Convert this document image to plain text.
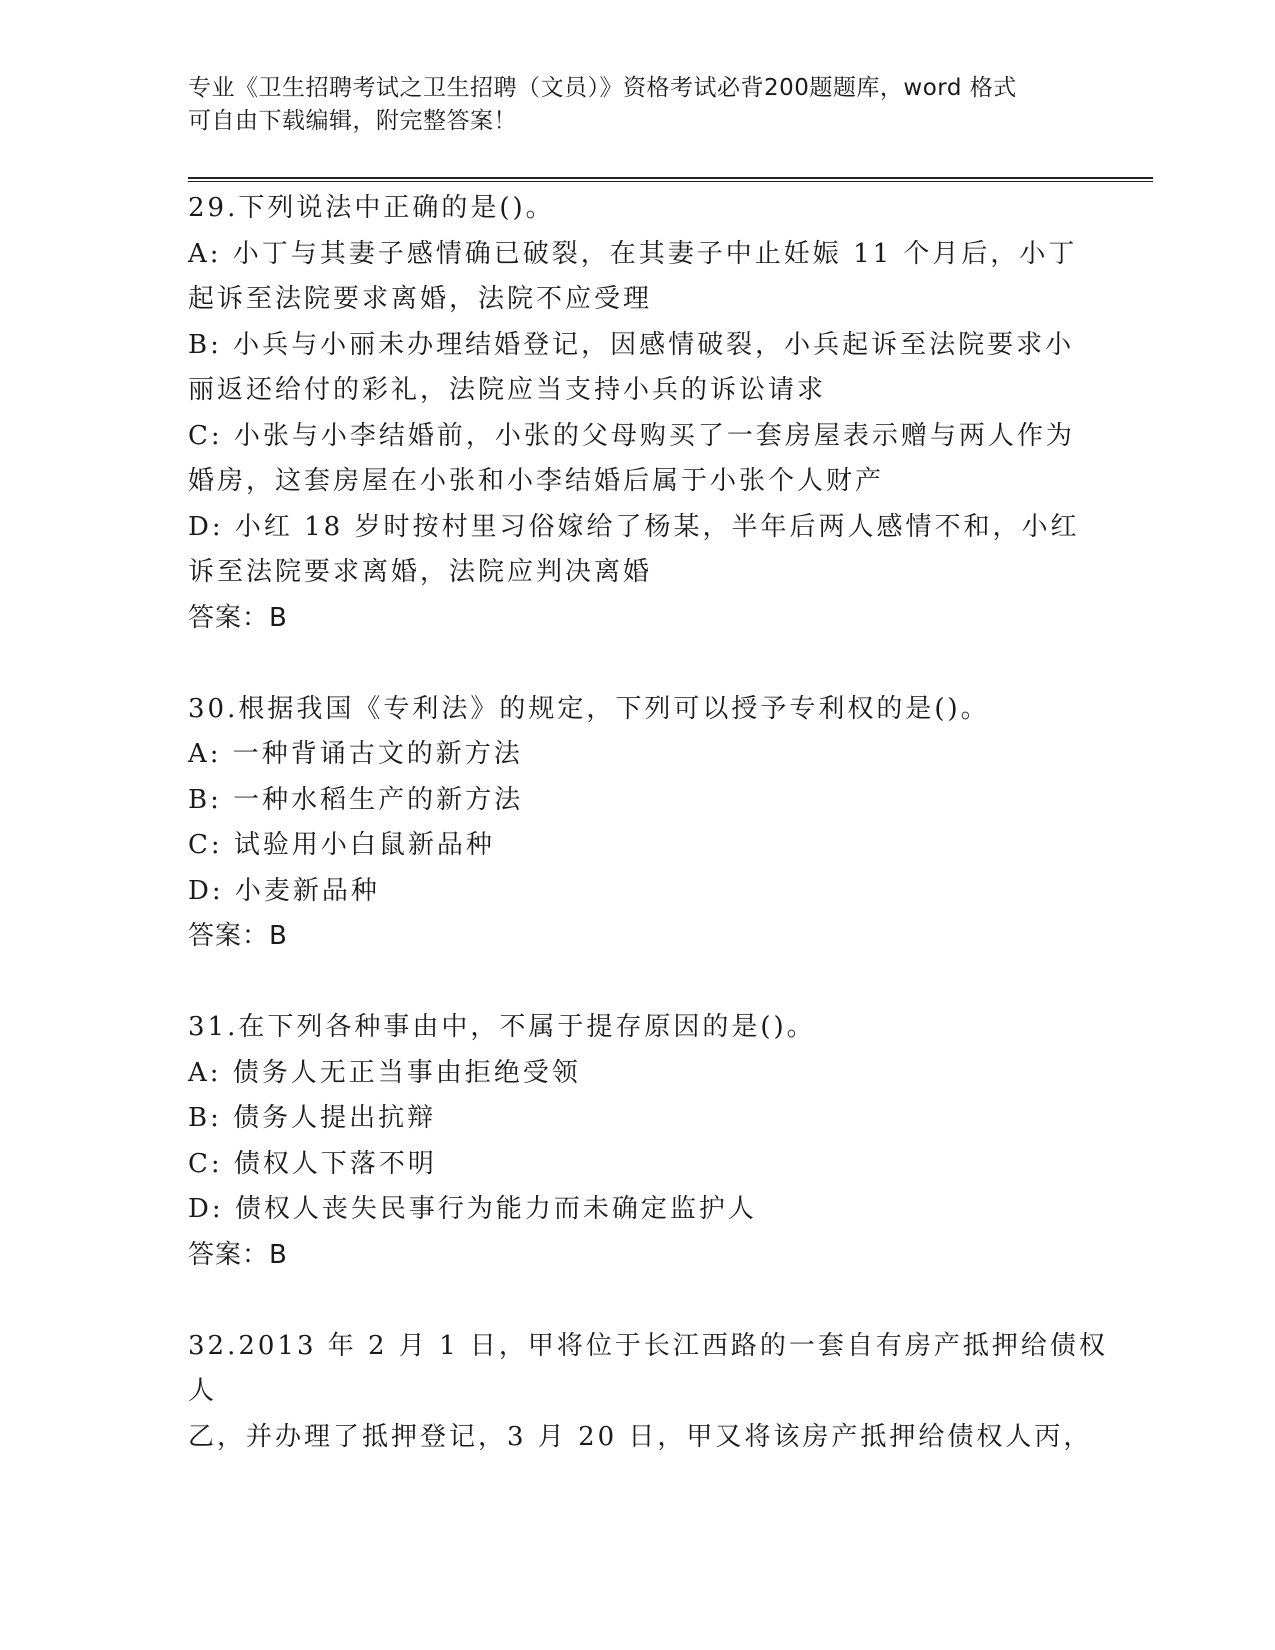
专业《卫生招聘考试之卫生招聘（文员）》资格考试必背200题题库，word 格式
可自由下载编辑，附完整答案！
29.下列说法中正确的是()。
A: 小丁与其妻子感情确已破裂，在其妻子中止妊娠 11 个月后，小丁
起诉至法院要求离婚，法院不应受理
B: 小兵与小丽未办理结婚登记，因感情破裂，小兵起诉至法院要求小
丽返还给付的彩礼，法院应当支持小兵的诉讼请求
C: 小张与小李结婚前，小张的父母购买了一套房屋表示赠与两人作为
婚房，这套房屋在小张和小李结婚后属于小张个人财产
D: 小红 18 岁时按村里习俗嫁给了杨某，半年后两人感情不和，小红
诉至法院要求离婚，法院应判决离婚
答案：B
30.根据我国《专利法》的规定，下列可以授予专利权的是()。
A: 一种背诵古文的新方法
B: 一种水稻生产的新方法
C: 试验用小白鼠新品种
D: 小麦新品种
答案：B
31.在下列各种事由中，不属于提存原因的是()。
A: 债务人无正当事由拒绝受领
B: 债务人提出抗辩
C: 债权人下落不明
D: 债权人丧失民事行为能力而未确定监护人
答案：B
32.2013 年 2 月 1 日，甲将位于长江西路的一套自有房产抵押给债权人
乙，并办理了抵押登记，3 月 20 日，甲又将该房产抵押给债权人丙，
